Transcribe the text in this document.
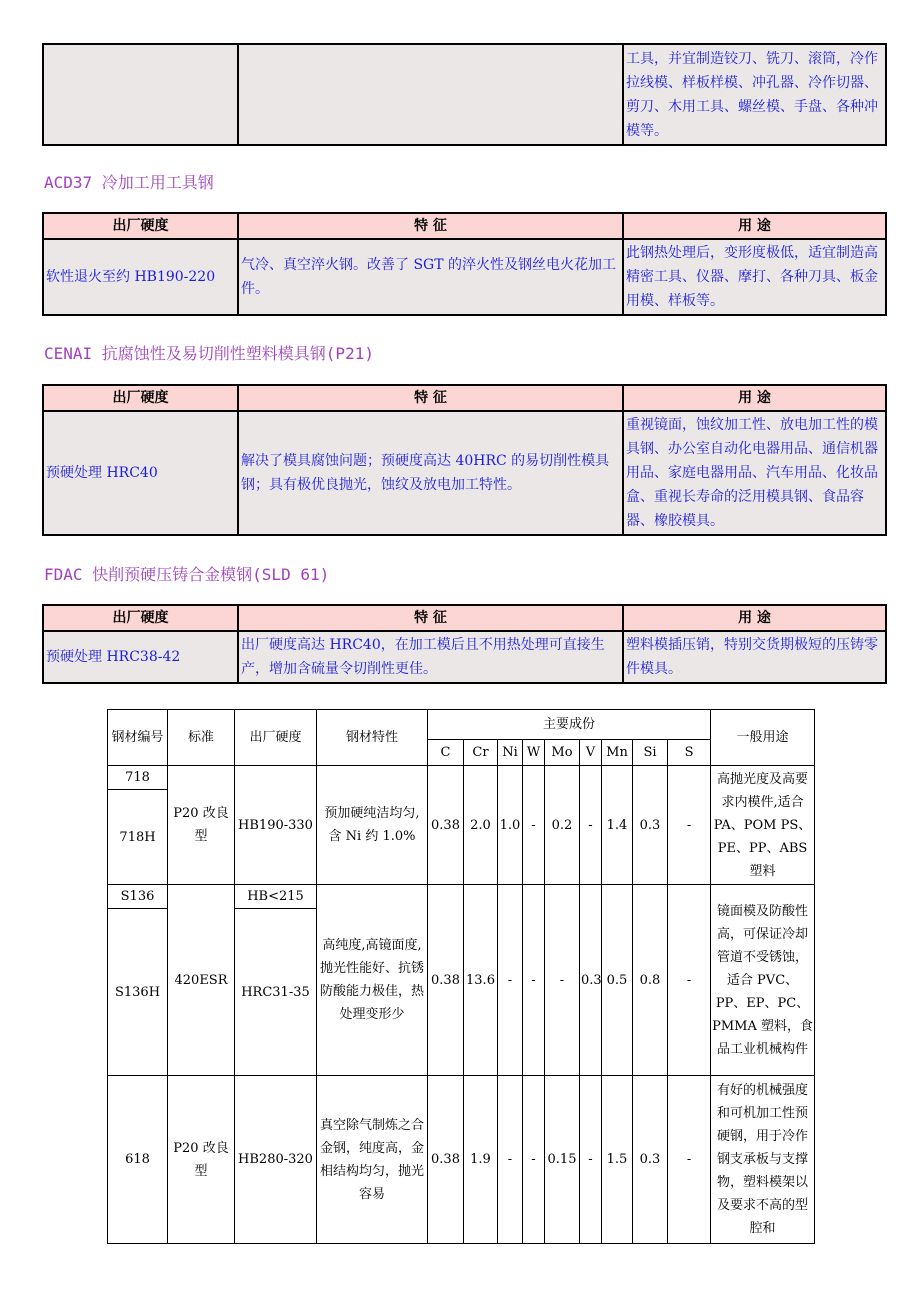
		工具，并宜制造铰刀、铣刀、滚筒，冷作拉线模、样板样模、冲孔器、冷作切器、剪刀、木用工具、螺丝模、手盘、各种冲模等。
ACD37 冷加工用工具钢
出厂硬度	特 征	用 途
软性退火至约 HB190-220	气冷、真空淬火钢。改善了 SGT 的淬火性及钢丝电火花加工件。	此钢热处理后，变形度极低，适宜制造高精密工具、仪器、摩打、各种刀具、板金用模、样板等。
CENAI 抗腐蚀性及易切削性塑料模具钢(P21)
出厂硬度	特 征	用 途
预硬处理 HRC40	解决了模具腐蚀问题；预硬度高达 40HRC 的易切削性模具钢；具有极优良抛光，蚀纹及放电加工特性。	重视镜面，蚀纹加工性、放电加工性的模具钢、办公室自动化电器用品、通信机器用品、家庭电器用品、汽车用品、化妆品盒、重视长寿命的泛用模具钢、食品容器、橡胶模具。
FDAC 快削预硬压铸合金模钢(SLD 61)
出厂硬度	特 征	用 途
预硬处理 HRC38-42	出厂硬度高达 HRC40，在加工模后且不用热处理可直接生产，增加含硫量令切削性更佳。	塑料模插压销，特别交货期极短的压铸零件模具。
钢材编号	标准	出厂硬度	钢材特性	主要成份									一般用途
				C	Cr	Ni	W	Mo	V	Mn	Si	S	
718	P20 改良型	HB190-330	预加硬纯洁均匀,含 Ni 约 1.0%	0.38	2.0	1.0	-	0.2	-	1.4	0.3	-	高抛光度及高要求内模件,适合 PA、POM PS、PE、PP、ABS 塑料
718H													
S136	420ESR	HB<215	高纯度,高镜面度,抛光性能好、抗锈防酸能力极佳，热处理变形少	0.38	13.6	-	-	-	0.3	0.5	0.8	-	镜面模及防酸性高，可保证冷却管道不受锈蚀，适合 PVC、PP、EP、PC、PMMA 塑料，食品工业机械构件
S136H		HRC31-35											
618	P20 改良型	HB280-320	真空除气制炼之合金钢，纯度高，金相结构均匀，抛光容易	0.38	1.9	-	-	0.15	-	1.5	0.3	-	有好的机械强度和可机加工性预硬钢，用于冷作钢支承板与支撑物，塑料模架以及要求不高的型腔和
